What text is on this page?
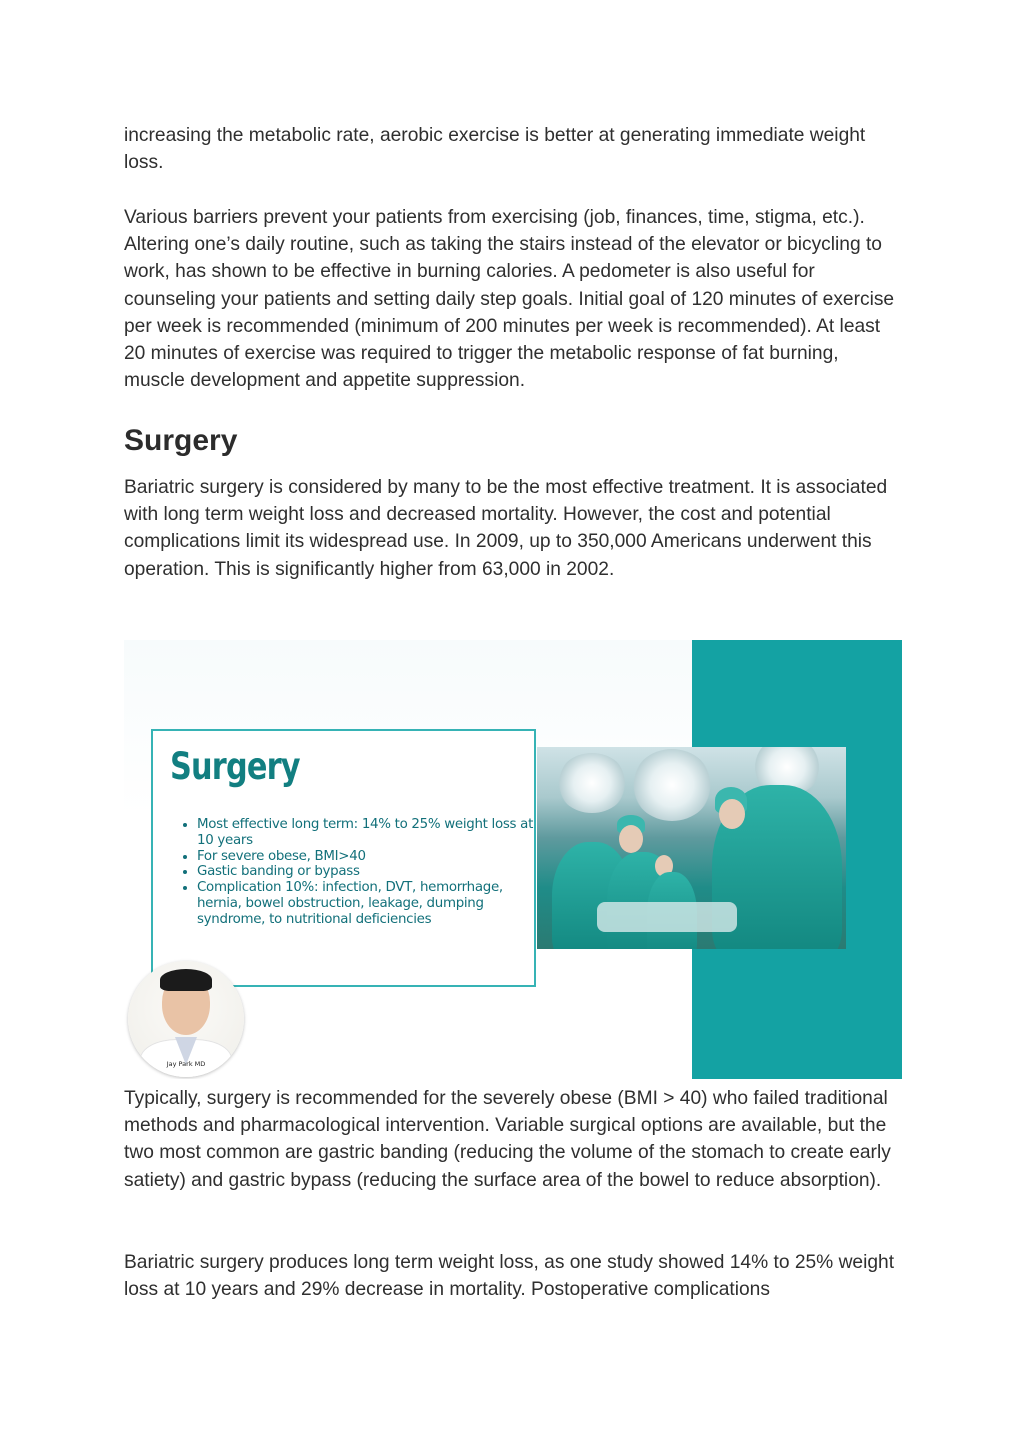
increasing the metabolic rate, aerobic exercise is better at generating immediate weight loss.

Various barriers prevent your patients from exercising (job, finances, time, stigma, etc.). Altering one’s daily routine, such as taking the stairs instead of the elevator or bicycling to work, has shown to be effective in burning calories. A pedometer is also useful for counseling your patients and setting daily step goals. Initial goal of 120 minutes of exercise per week is recommended (minimum of 200 minutes per week is recommended). At least 20 minutes of exercise was required to trigger the metabolic response of fat burning, muscle development and appetite suppression.

Surgery

Bariatric surgery is considered by many to be the most effective treatment. It is associated with long term weight loss and decreased mortality. However, the cost and potential complications limit its widespread use. In 2009, up to 350,000 Americans underwent this operation. This is significantly higher from 63,000 in 2002.

Typically, surgery is recommended for the severely obese (BMI > 40) who failed traditional methods and pharmacological intervention. Variable surgical options are available, but the two most common are gastric banding (reducing the volume of the stomach to create early satiety) and gastric bypass (reducing the surface area of the bowel to reduce absorption).

Bariatric surgery produces long term weight loss, as one study showed 14% to 25% weight loss at 10 years and 29% decrease in mortality. Postoperative complications

Surgery
• Most effective long term: 14% to 25% weight loss at 10 years
• For severe obese, BMI>40
• Gastic banding or bypass
• Complication 10%: infection, DVT, hemorrhage, hernia, bowel obstruction, leakage, dumping syndrome, to nutritional deficiencies
Jay Park MD
